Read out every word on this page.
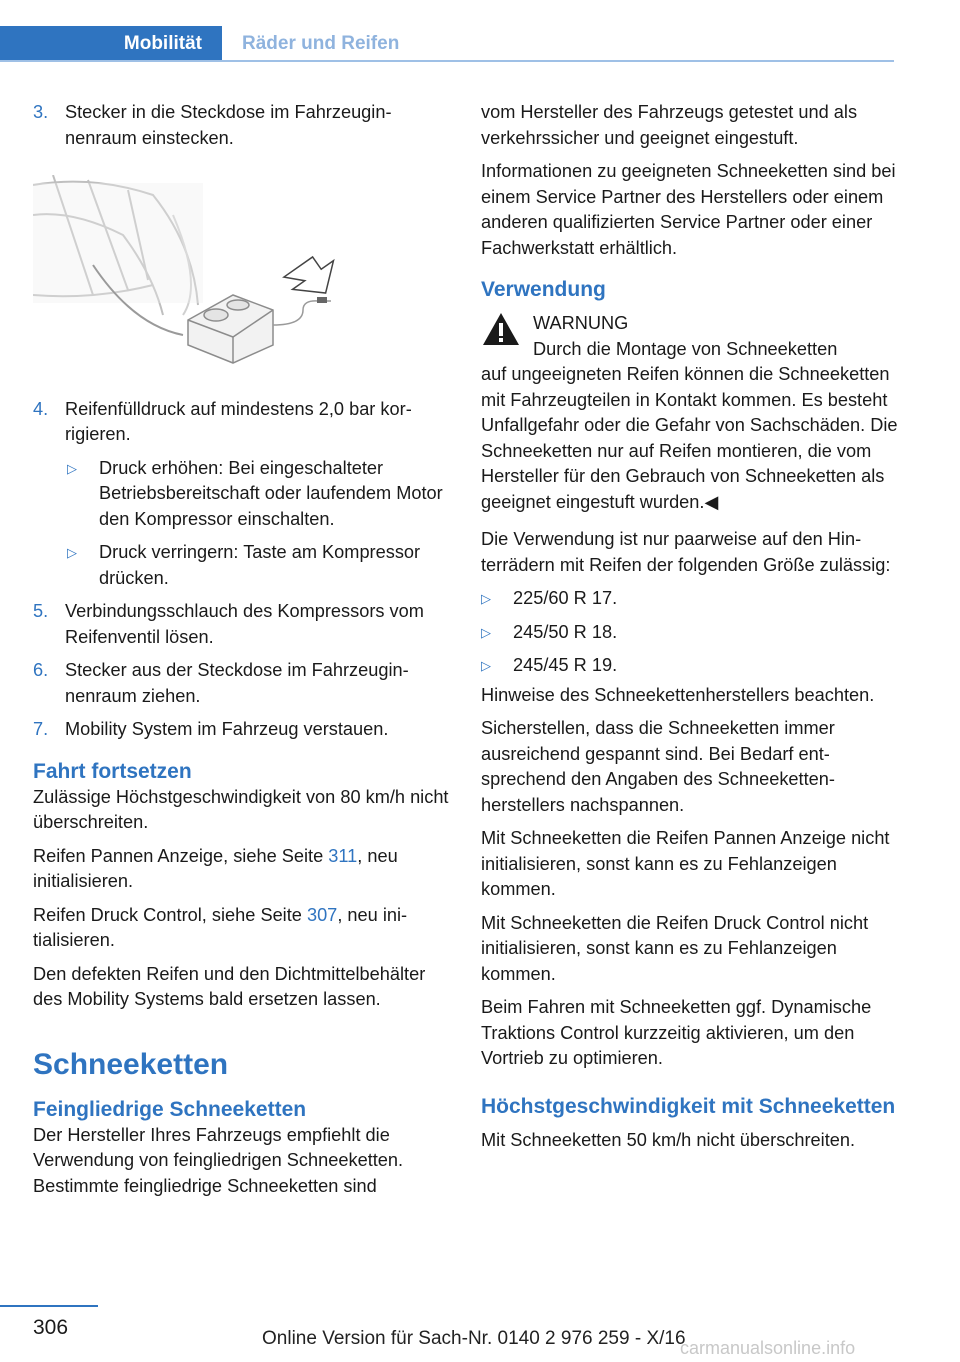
Mobilität	Räder und Reifen
3. Stecker in die Steckdose im Fahrzeuginnenraum einstecken.
4. Reifenfülldruck auf mindestens 2,0 bar korrigieren.
▷ Druck erhöhen: Bei eingeschalteter Betriebsbereitschaft oder laufendem Motor den Kompressor einschalten.
▷ Druck verringern: Taste am Kompressor drücken.
5. Verbindungsschlauch des Kompressors vom Reifenventil lösen.
6. Stecker aus der Steckdose im Fahrzeuginnenraum ziehen.
7. Mobility System im Fahrzeug verstauen.
Fahrt fortsetzen

Zulässige Höchstgeschwindigkeit von 80 km/h nicht überschreiten.

Reifen Pannen Anzeige, siehe Seite 311, neu initialisieren.

Reifen Druck Control, siehe Seite 307, neu initialisieren.

Den defekten Reifen und den Dichtmittelbehälter des Mobility Systems bald ersetzen lassen.

Schneeketten
Feingliedrige Schneeketten

Der Hersteller Ihres Fahrzeugs empfiehlt die Verwendung von feingliedrigen Schneeketten. Bestimmte feingliedrige Schneeketten sind

vom Hersteller des Fahrzeugs getestet und als verkehrssicher und geeignet eingestuft.

Informationen zu geeigneten Schneeketten sind bei einem Service Partner des Herstellers oder einem anderen qualifizierten Service Partner oder einer Fachwerkstatt erhältlich.

Verwendung
WARNUNG
Durch die Montage von Schneeketten
auf ungeeigneten Reifen können die Schneeketten mit Fahrzeugteilen in Kontakt kommen. Es besteht Unfallgefahr oder die Gefahr von Sachschäden. Die Schneeketten nur auf Reifen montieren, die vom Hersteller für den Gebrauch von Schneeketten als geeignet eingestuft wurden.◀

Die Verwendung ist nur paarweise auf den Hinterrädern mit Reifen der folgenden Größe zulässig:

▷ 225/60 R 17.
▷ 245/50 R 18.
▷ 245/45 R 19.

Hinweise des Schneekettenherstellers beachten.

Sicherstellen, dass die Schneeketten immer ausreichend gespannt sind. Bei Bedarf entsprechend den Angaben des Schneekettenherstellers nachspannen.

Mit Schneeketten die Reifen Pannen Anzeige nicht initialisieren, sonst kann es zu Fehlanzeigen kommen.

Mit Schneeketten die Reifen Druck Control nicht initialisieren, sonst kann es zu Fehlanzeigen kommen.

Beim Fahren mit Schneeketten ggf. Dynamische Traktions Control kurzzeitig aktivieren, um den Vortrieb zu optimieren.

Höchstgeschwindigkeit mit Schneeketten

Mit Schneeketten 50 km/h nicht überschreiten.

306	Online Version für Sach-Nr. 0140 2 976 259 - X/16
carmanualsonline.info
